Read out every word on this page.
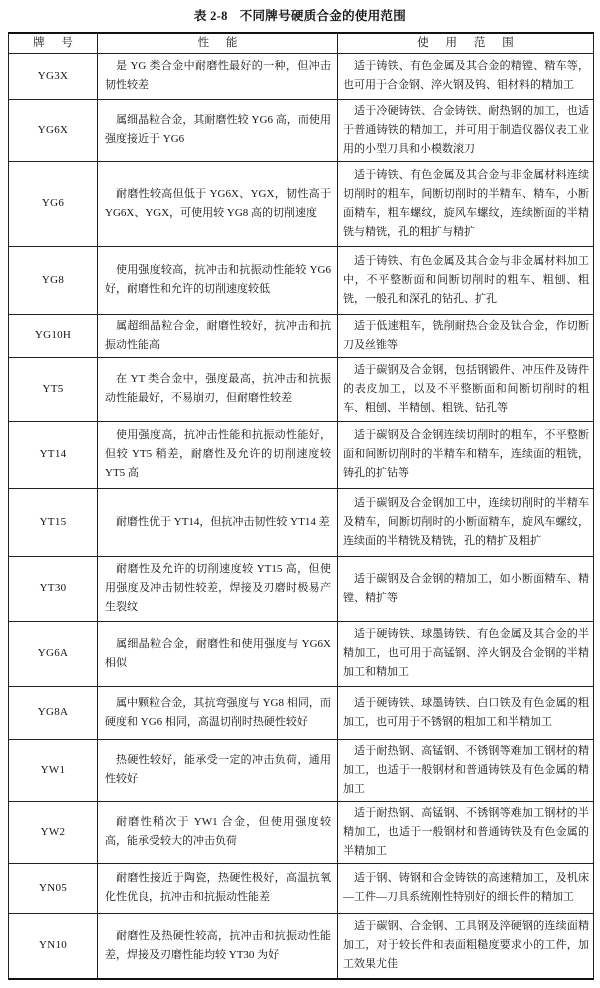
表 2-8 不同牌号硬质合金的使用范围
牌 号	性 能	使 用 范 围
YG3X	是 YG 类合金中耐磨性最好的一种，但冲击韧性较差	适于铸铁、有色金属及其合金的精镗、精车等，也可用于合金钢、淬火钢及钨、钼材料的精加工
YG6X	属细晶粒合金，其耐磨性较 YG6 高，而使用强度接近于 YG6	适于冷硬铸铁、合金铸铁、耐热钢的加工，也适于普通铸铁的精加工，并可用于制造仪器仪表工业用的小型刀具和小模数滚刀
YG6	耐磨性较高但低于 YG6X、YGX，韧性高于 YG6X、YGX，可使用较 YG8 高的切削速度	适于铸铁、有色金属及其合金与非金属材料连续切削时的粗车，间断切削时的半精车、精车，小断面精车，粗车螺纹，旋风车螺纹，连续断面的半精铣与精铣，孔的粗扩与精扩
YG8	使用强度较高，抗冲击和抗振动性能较 YG6 好，耐磨性和允许的切削速度较低	适于铸铁、有色金属及其合金与非金属材料加工中，不平整断面和间断切削时的粗车、粗刨、粗铣，一般孔和深孔的钻孔、扩孔
YG10H	属超细晶粒合金，耐磨性较好，抗冲击和抗振动性能高	适于低速粗车，铣削耐热合金及钛合金，作切断刀及丝锥等
YT5	在 YT 类合金中，强度最高，抗冲击和抗振动性能最好，不易崩刃，但耐磨性较差	适于碳钢及合金钢，包括钢锻件、冲压件及铸件的表皮加工，以及不平整断面和间断切削时的粗车、粗刨、半精刨、粗铣、钻孔等
YT14	使用强度高，抗冲击性能和抗振动性能好，但较 YT5 稍差，耐磨性及允许的切削速度较 YT5 高	适于碳钢及合金钢连续切削时的粗车，不平整断面和间断切削时的半精车和精车，连续面的粗铣，铸孔的扩钻等
YT15	耐磨性优于 YT14，但抗冲击韧性较 YT14 差	适于碳钢及合金钢加工中，连续切削时的半精车及精车，间断切削时的小断面精车，旋风车螺纹，连续面的半精铣及精铣，孔的精扩及粗扩
YT30	耐磨性及允许的切削速度较 YT15 高，但使用强度及冲击韧性较差，焊接及刃磨时极易产生裂纹	适于碳钢及合金钢的精加工，如小断面精车、精镗、精扩等
YG6A	属细晶粒合金，耐磨性和使用强度与 YG6X 相似	适于硬铸铁、球墨铸铁、有色金属及其合金的半精加工，也可用于高锰钢、淬火钢及合金钢的半精加工和精加工
YG8A	属中颗粒合金，其抗弯强度与 YG8 相同，而硬度和 YG6 相同，高温切削时热硬性较好	适于硬铸铁、球墨铸铁、白口铁及有色金属的粗加工，也可用于不锈钢的粗加工和半精加工
YW1	热硬性较好，能承受一定的冲击负荷，通用性较好	适于耐热钢、高锰钢、不锈钢等难加工钢材的精加工，也适于一般钢材和普通铸铁及有色金属的精加工
YW2	耐磨性稍次于 YW1 合金，但使用强度较高，能承受较大的冲击负荷	适于耐热钢、高锰钢、不锈钢等难加工钢材的半精加工，也适于一般钢材和普通铸铁及有色金属的半精加工
YN05	耐磨性接近于陶瓷，热硬性极好，高温抗氧化性优良，抗冲击和抗振动性能差	适于钢、铸钢和合金铸铁的高速精加工，及机床—工件—刀具系统刚性特别好的细长件的精加工
YN10	耐磨性及热硬性较高，抗冲击和抗振动性能差，焊接及刃磨性能均较 YT30 为好	适于碳钢、合金钢、工具钢及淬硬钢的连续面精加工，对于较长件和表面粗糙度要求小的工件，加工效果尤佳
